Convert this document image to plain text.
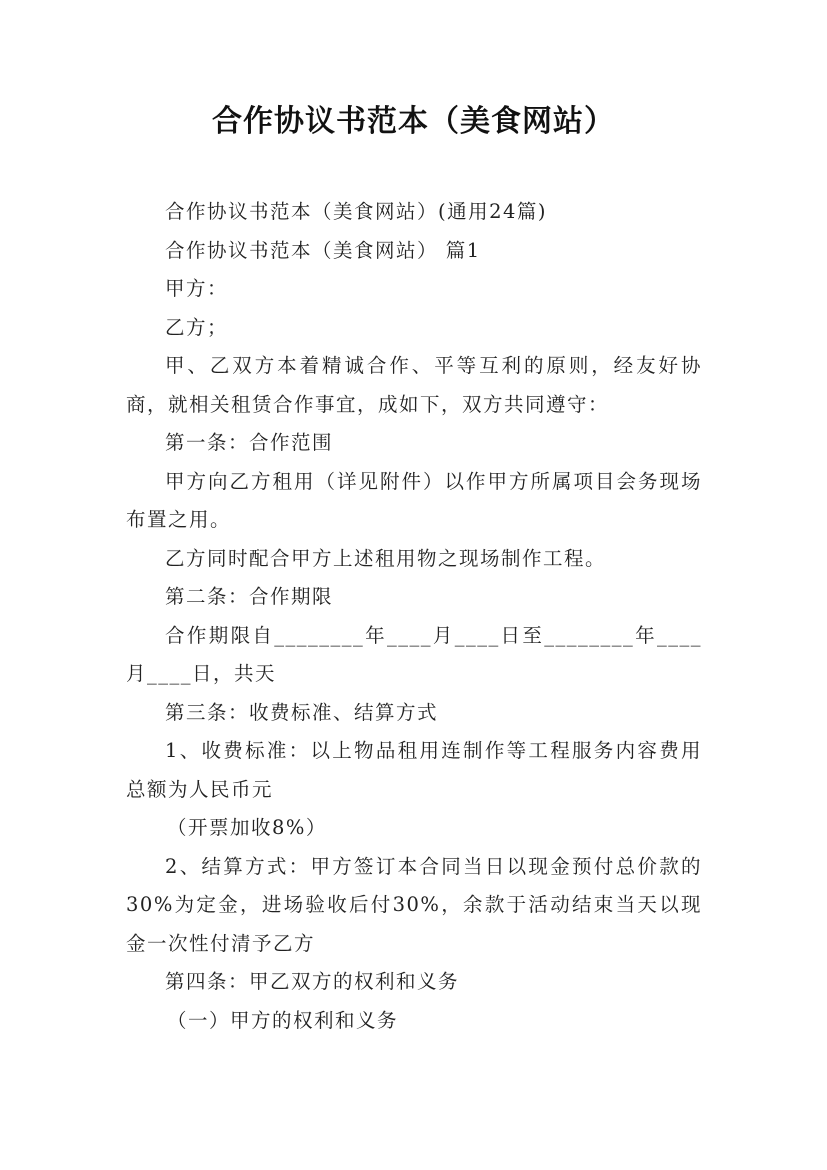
合作协议书范本（美食网站）

合作协议书范本（美食网站）(通用24篇)

合作协议书范本（美食网站） 篇1

甲方：

乙方；

甲、乙双方本着精诚合作、平等互利的原则，经友好协商，就相关租赁合作事宜，成如下，双方共同遵守：

第一条：合作范围

甲方向乙方租用（详见附件）以作甲方所属项目会务现场布置之用。

乙方同时配合甲方上述租用物之现场制作工程。

第二条：合作期限

合作期限自________年____月____日至________年____月____日，共天

第三条：收费标准、结算方式

1、收费标准：以上物品租用连制作等工程服务内容费用总额为人民币元

（开票加收8%）

2、结算方式：甲方签订本合同当日以现金预付总价款的30%为定金，进场验收后付30%，余款于活动结束当天以现金一次性付清予乙方

第四条：甲乙双方的权利和义务

（一）甲方的权利和义务
